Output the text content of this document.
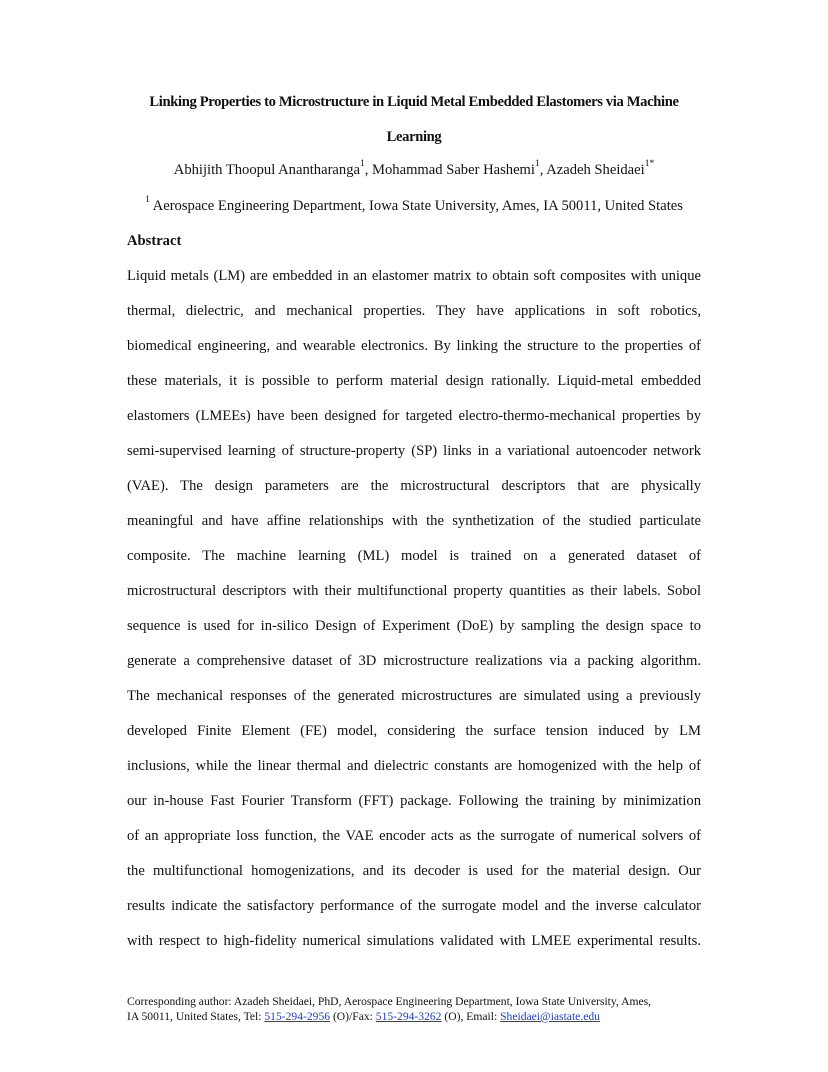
Linking Properties to Microstructure in Liquid Metal Embedded Elastomers via Machine
Learning
Abhijith Thoopul Anantharanga$^1$, Mohammad Saber Hashemi$^1$, Azadeh Sheidaei$^{1*}$
$^1$ Aerospace Engineering Department, Iowa State University, Ames, IA 50011, United States
Abstract
Liquid metals (LM) are embedded in an elastomer matrix to obtain soft composites with unique
thermal, dielectric, and mechanical properties. They have applications in soft robotics,
biomedical engineering, and wearable electronics. By linking the structure to the properties of
these materials, it is possible to perform material design rationally. Liquid-metal embedded
elastomers (LMEEs) have been designed for targeted electro-thermo-mechanical properties by
semi-supervised learning of structure-property (SP) links in a variational autoencoder network
(VAE). The design parameters are the microstructural descriptors that are physically
meaningful and have affine relationships with the synthetization of the studied particulate
composite. The machine learning (ML) model is trained on a generated dataset of
microstructural descriptors with their multifunctional property quantities as their labels. Sobol
sequence is used for in-silico Design of Experiment (DoE) by sampling the design space to
generate a comprehensive dataset of 3D microstructure realizations via a packing algorithm.
The mechanical responses of the generated microstructures are simulated using a previously
developed Finite Element (FE) model, considering the surface tension induced by LM
inclusions, while the linear thermal and dielectric constants are homogenized with the help of
our in-house Fast Fourier Transform (FFT) package. Following the training by minimization
of an appropriate loss function, the VAE encoder acts as the surrogate of numerical solvers of
the multifunctional homogenizations, and its decoder is used for the material design. Our
results indicate the satisfactory performance of the surrogate model and the inverse calculator
with respect to high-fidelity numerical simulations validated with LMEE experimental results.
Corresponding author: Azadeh Sheidaei, PhD, Aerospace Engineering Department, Iowa State University, Ames,
IA 50011, United States, Tel: 515-294-2956 (O)/Fax: 515-294-3262 (O), Email: Sheidaei@iastate.edu
